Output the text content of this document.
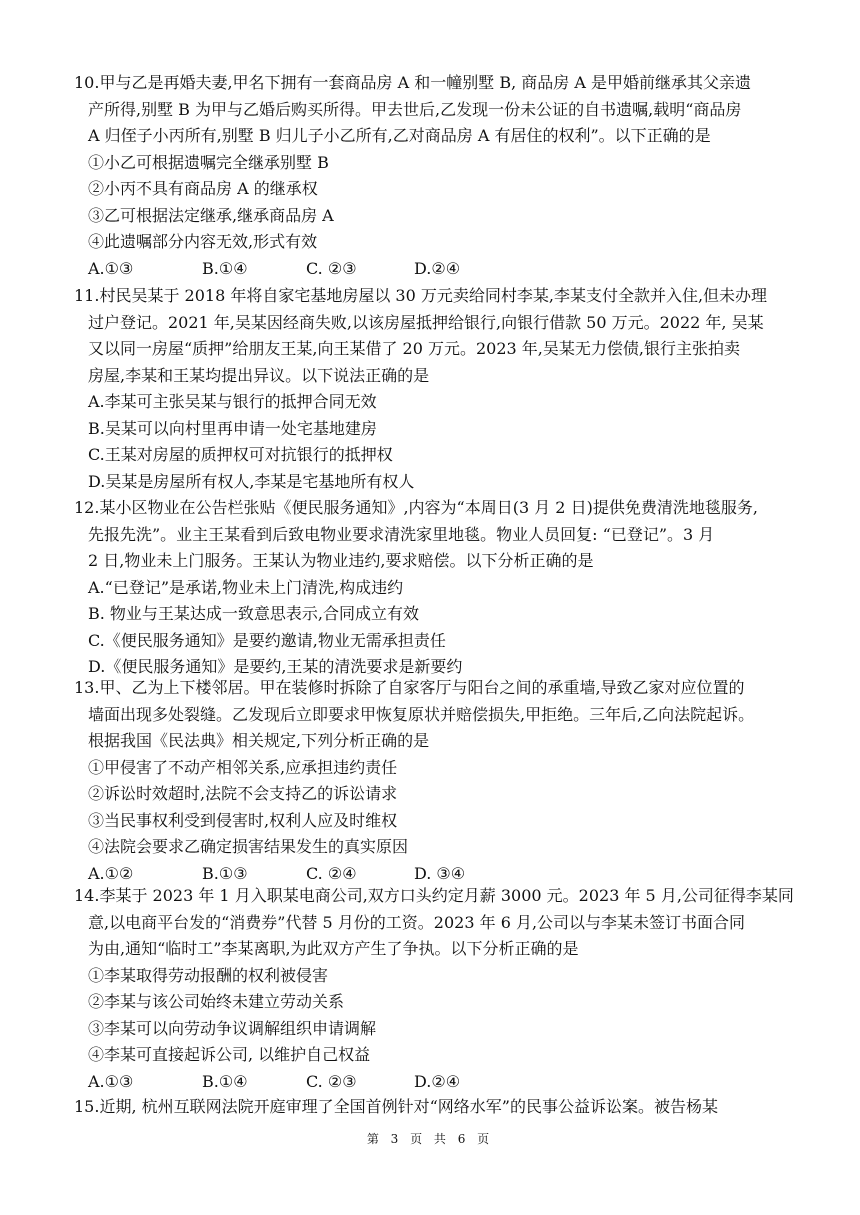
10.甲与乙是再婚夫妻,甲名下拥有一套商品房 A 和一幢别墅 B, 商品房 A 是甲婚前继承其父亲遗
产所得,别墅 B 为甲与乙婚后购买所得。甲去世后,乙发现一份未公证的自书遗嘱,载明“商品房
A 归侄子小丙所有,别墅 B 归儿子小乙所有,乙对商品房 A 有居住的权利”。以下正确的是
①小乙可根据遗嘱完全继承别墅 B
②小丙不具有商品房 A 的继承权
③乙可根据法定继承,继承商品房 A
④此遗嘱部分内容无效,形式有效
A.①③	B.①④	C. ②③	D.②④
11.村民吴某于 2018 年将自家宅基地房屋以 30 万元卖给同村李某,李某支付全款并入住,但未办理
过户登记。2021 年,吴某因经商失败,以该房屋抵押给银行,向银行借款 50 万元。2022 年, 吴某
又以同一房屋“质押”给朋友王某,向王某借了 20 万元。2023 年,吴某无力偿债,银行主张拍卖
房屋,李某和王某均提出异议。以下说法正确的是
A.李某可主张吴某与银行的抵押合同无效
B.吴某可以向村里再申请一处宅基地建房
C.王某对房屋的质押权可对抗银行的抵押权
D.吴某是房屋所有权人,李某是宅基地所有权人
12.某小区物业在公告栏张贴《便民服务通知》,内容为“本周日(3 月 2 日)提供免费清洗地毯服务,
先报先洗”。业主王某看到后致电物业要求清洗家里地毯。物业人员回复: “已登记”。3 月
2 日,物业未上门服务。王某认为物业违约,要求赔偿。以下分析正确的是
A.“已登记”是承诺,物业未上门清洗,构成违约
B. 物业与王某达成一致意思表示,合同成立有效
C.《便民服务通知》是要约邀请,物业无需承担责任
D.《便民服务通知》是要约,王某的清洗要求是新要约
13.甲、乙为上下楼邻居。甲在装修时拆除了自家客厅与阳台之间的承重墙,导致乙家对应位置的
墙面出现多处裂缝。乙发现后立即要求甲恢复原状并赔偿损失,甲拒绝。三年后,乙向法院起诉。
根据我国《民法典》相关规定,下列分析正确的是
①甲侵害了不动产相邻关系,应承担违约责任
②诉讼时效超时,法院不会支持乙的诉讼请求
③当民事权利受到侵害时,权利人应及时维权
④法院会要求乙确定损害结果发生的真实原因
A.①②	B.①③	C. ②④	D. ③④
14.李某于 2023 年 1 月入职某电商公司,双方口头约定月薪 3000 元。2023 年 5 月,公司征得李某同
意,以电商平台发的“消费券”代替 5 月份的工资。2023 年 6 月,公司以与李某未签订书面合同
为由,通知“临时工”李某离职,为此双方产生了争执。以下分析正确的是
①李某取得劳动报酬的权利被侵害
②李某与该公司始终未建立劳动关系
③李某可以向劳动争议调解组织申请调解
④李某可直接起诉公司, 以维护自己权益
A.①③	B.①④	C. ②③	D.②④
15.近期, 杭州互联网法院开庭审理了全国首例针对“网络水军”的民事公益诉讼案。被告杨某
第 3 页 共 6 页
